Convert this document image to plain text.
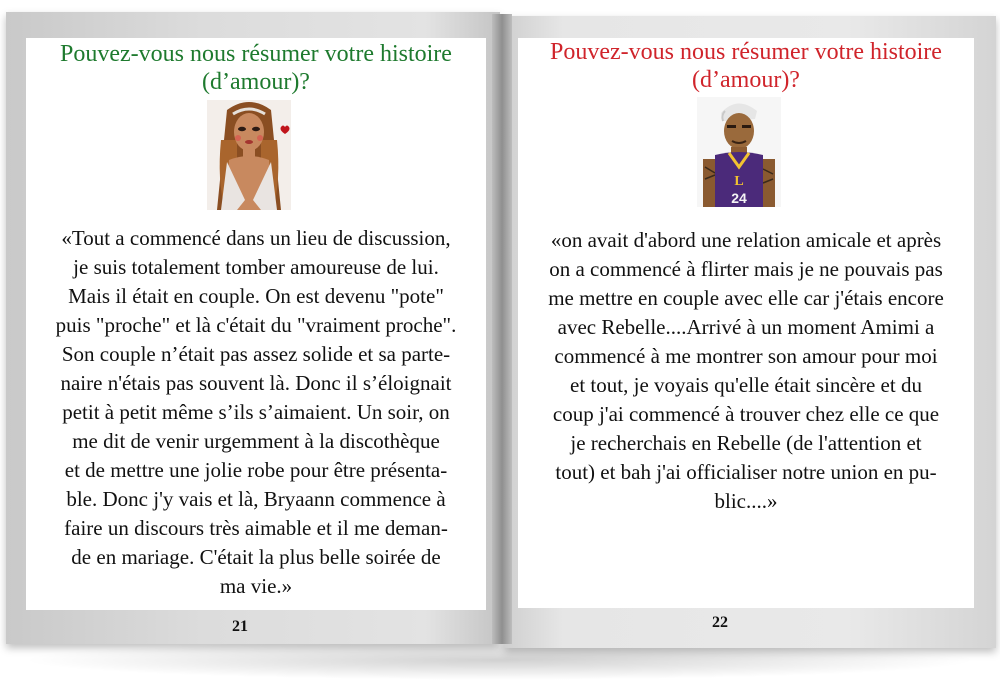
Pouvez-vous nous résumer votre histoire (d’amour)?
Pouvez-vous nous résumer votre histoire (d’amour)?
L
24
«Tout a commencé dans un lieu de discussion,
je suis totalement tomber amoureuse de lui.
Mais il était en couple. On est devenu "pote"
puis "proche" et là c'était du "vraiment proche".
Son couple n’était pas assez solide et sa parte-
naire n'étais pas souvent là. Donc il s’éloignait
petit à petit même s’ils s’aimaient. Un soir, on
me dit de venir urgemment à la discothèque
et de mettre une jolie robe pour être présenta-
ble. Donc j'y vais et là, Bryaann commence à
faire un discours très aimable et il me deman-
de en mariage. C'était la plus belle soirée de
ma vie.»
«on avait d'abord une relation amicale et après
on a commencé à flirter mais je ne pouvais pas
me mettre en couple avec elle car j'étais encore
avec Rebelle....Arrivé à un moment Amimi a
commencé à me montrer son amour pour moi
et tout, je voyais qu'elle était sincère et du
coup j'ai commencé à trouver chez elle ce que
je recherchais en Rebelle (de l'attention et
tout) et bah j'ai officialiser notre union en pu-
blic....»
21	22
